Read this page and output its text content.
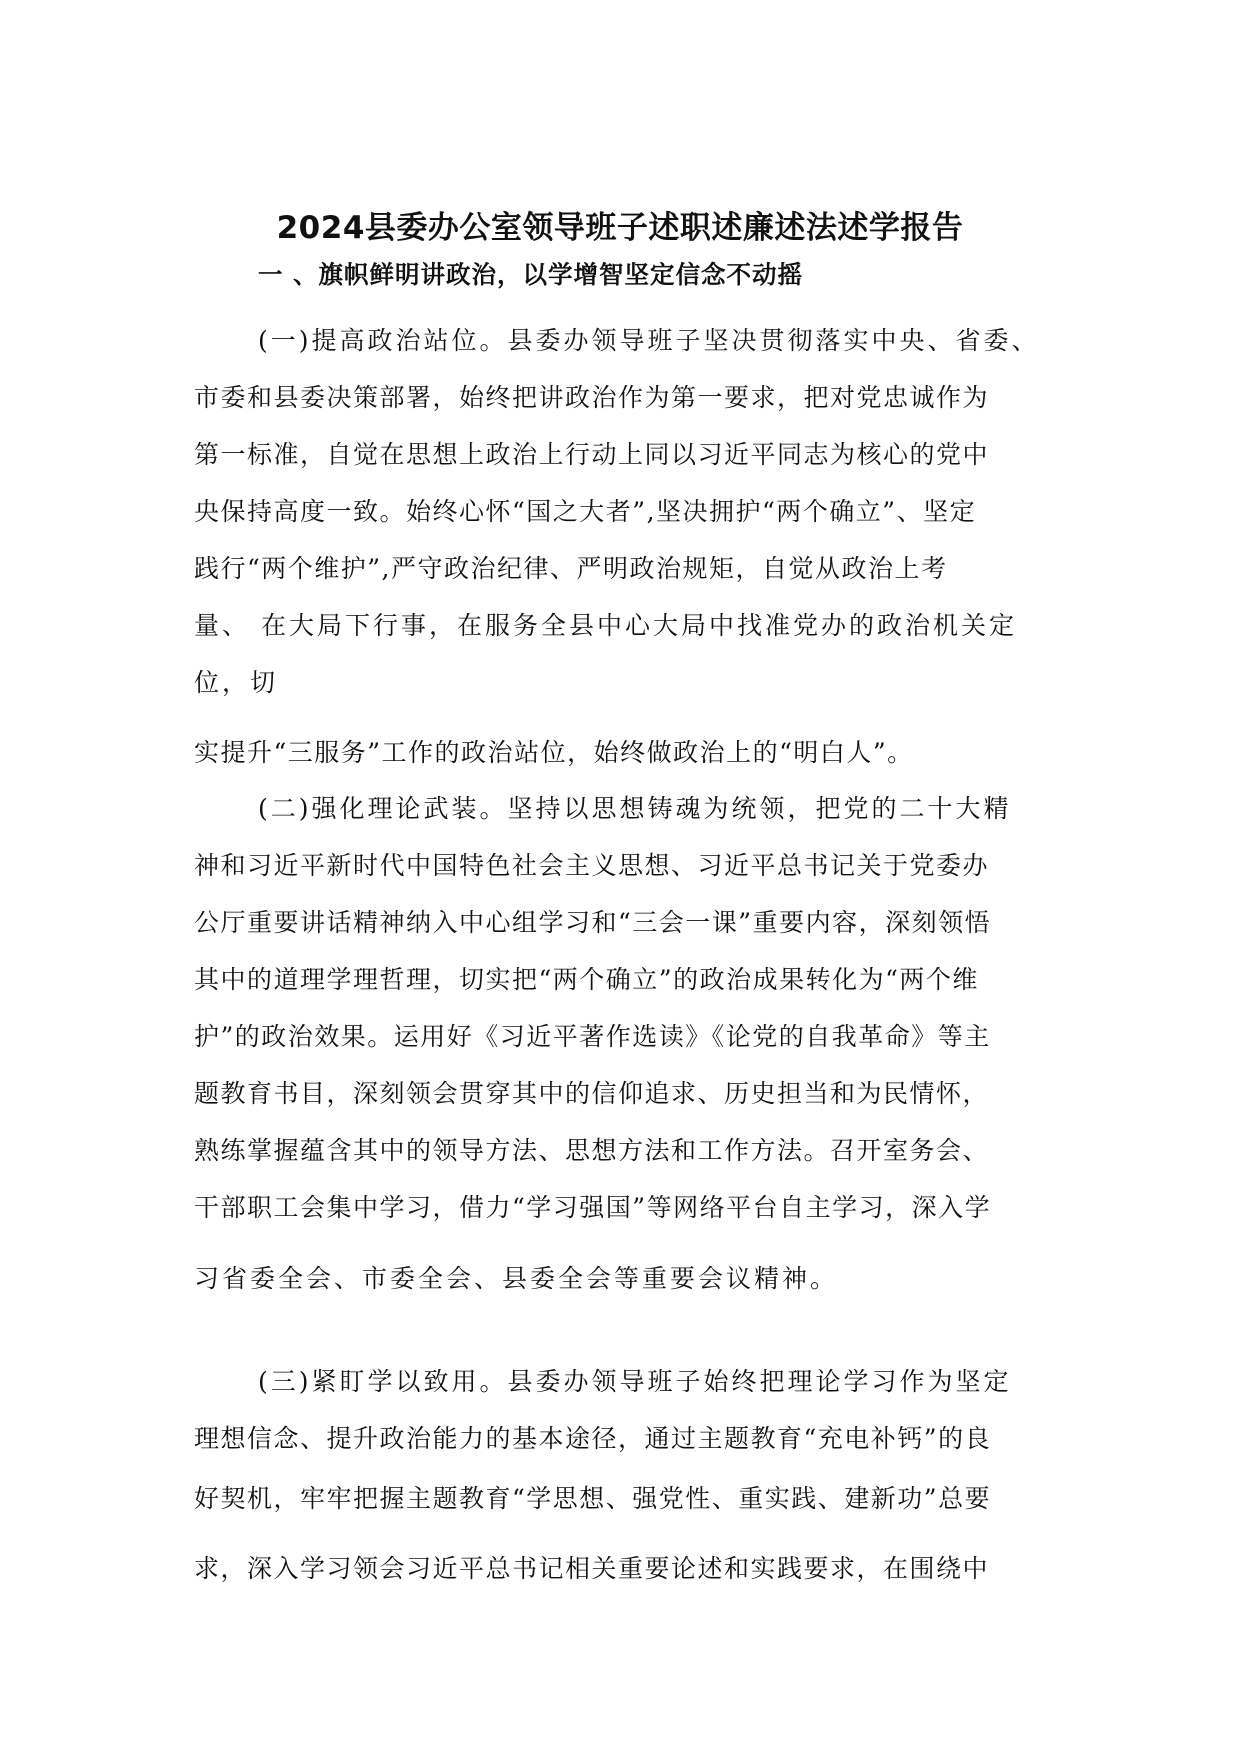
2024县委办公室领导班子述职述廉述法述学报告
一 、旗帜鲜明讲政治，以学增智坚定信念不动摇

(一)提高政治站位。县委办领导班子坚决贯彻落实中央、省委、

市委和县委决策部署，始终把讲政治作为第一要求，把对党忠诚作为

第一标准，自觉在思想上政治上行动上同以习近平同志为核心的党中

央保持高度一致。始终心怀“国之大者”,坚决拥护“两个确立”、坚定

践行“两个维护”,严守政治纪律、严明政治规矩，自觉从政治上考

量、 在大局下行事，在服务全县中心大局中找准党办的政治机关定

位，切

实提升“三服务”工作的政治站位，始终做政治上的“明白人”。

(二)强化理论武装。坚持以思想铸魂为统领，把党的二十大精

神和习近平新时代中国特色社会主义思想、习近平总书记关于党委办

公厅重要讲话精神纳入中心组学习和“三会一课”重要内容，深刻领悟

其中的道理学理哲理，切实把“两个确立”的政治成果转化为“两个维

护”的政治效果。运用好《习近平著作选读》《论党的自我革命》等主

题教育书目，深刻领会贯穿其中的信仰追求、历史担当和为民情怀，

熟练掌握蕴含其中的领导方法、思想方法和工作方法。召开室务会、

干部职工会集中学习，借力“学习强国”等网络平台自主学习，深入学

习省委全会、市委全会、县委全会等重要会议精神。

(三)紧盯学以致用。县委办领导班子始终把理论学习作为坚定

理想信念、提升政治能力的基本途径，通过主题教育“充电补钙”的良

好契机，牢牢把握主题教育“学思想、强党性、重实践、建新功”总要

求，深入学习领会习近平总书记相关重要论述和实践要求，在围绕中
